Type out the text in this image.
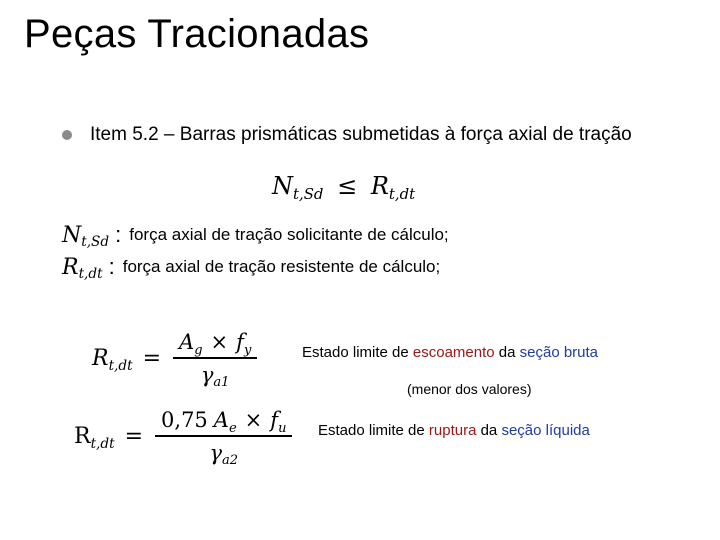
Peças Tracionadas
Item 5.2 – Barras prismáticas submetidas à força axial de tração
$N_{t,Sd} \le R_{t,dt}$
$N_{t,Sd}$ : força axial de tração solicitante de cálculo;
$R_{t,dt}$ : força axial de tração resistente de cálculo;
$R_{t,dt} = \frac{A_g \times f_y}{\gamma_{a1}}$	Estado limite de escoamento da seção bruta
(menor dos valores)
$R_{t,dt} = \frac{0,75 A_e \times f_u}{\gamma_{a2}}$ Estado limite de ruptura da seção líquida
